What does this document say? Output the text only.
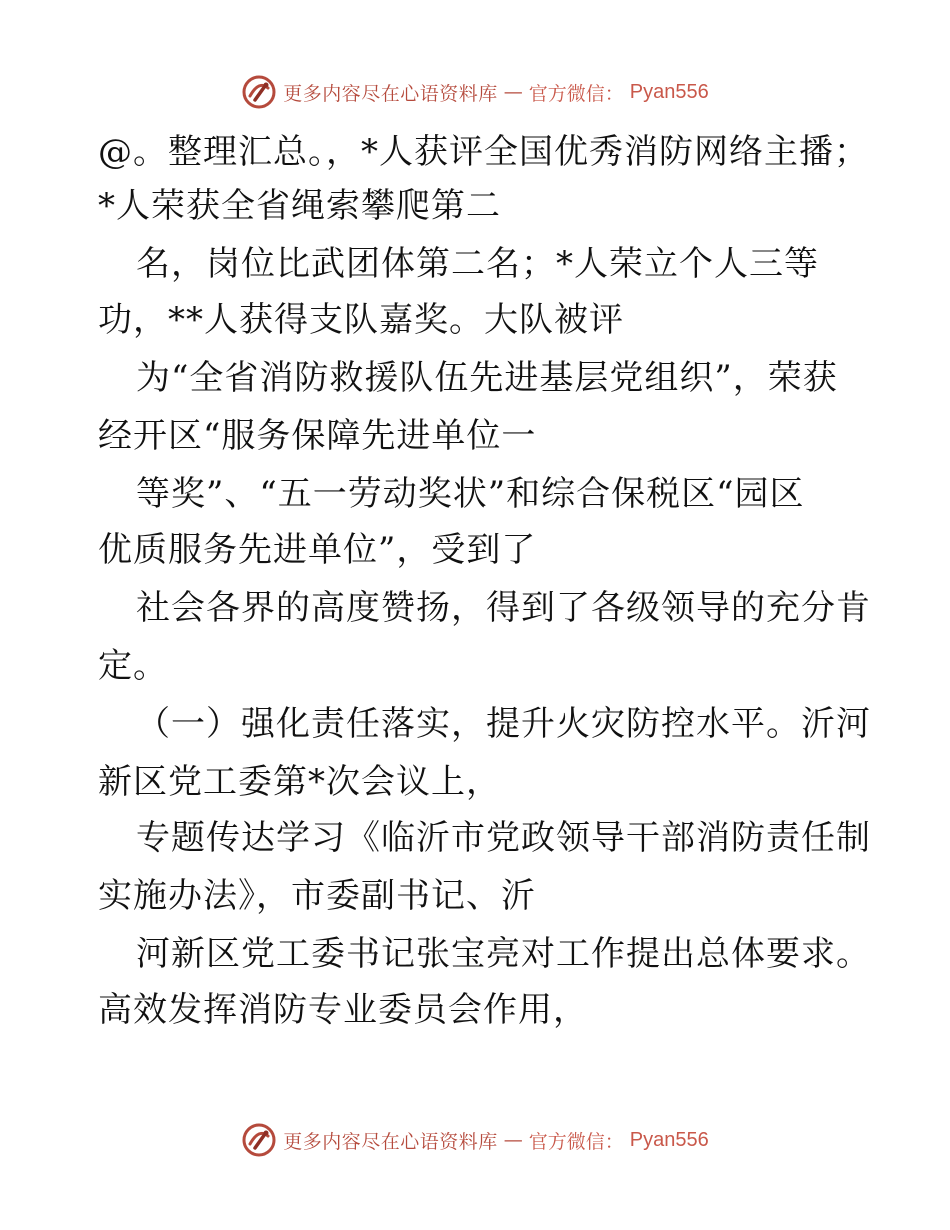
更多内容尽在心语资料库 — 官方微信： Pyan556
@。整理汇总。，*人获评全国优秀消防网络主播；
*人荣获全省绳索攀爬第二
名，岗位比武团体第二名；*人荣立个人三等
功，**人获得支队嘉奖。大队被评
为“全省消防救援队伍先进基层党组织”，荣获
经开区“服务保障先进单位一
等奖”、“五一劳动奖状”和综合保税区“园区
优质服务先进单位”，受到了
社会各界的高度赞扬，得到了各级领导的充分肯
定。
（一）强化责任落实，提升火灾防控水平。沂河
新区党工委第*次会议上，
专题传达学习《临沂市党政领导干部消防责任制
实施办法》，市委副书记、沂
河新区党工委书记张宝亮对工作提出总体要求。
高效发挥消防专业委员会作用，
更多内容尽在心语资料库 — 官方微信： Pyan556
